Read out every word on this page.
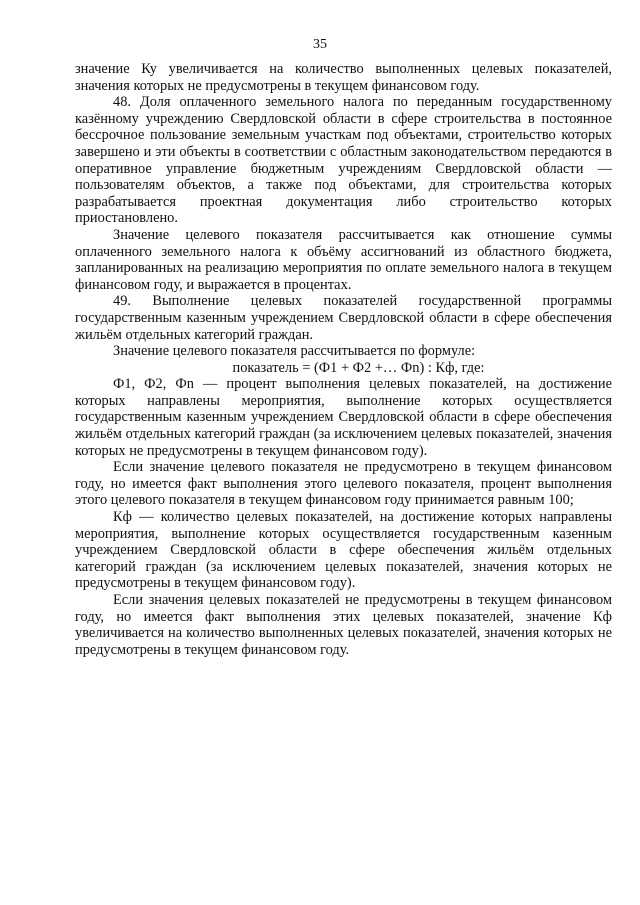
35

значение Ку увеличивается на количество выполненных целевых показателей, значения которых не предусмотрены в текущем финансовом году.

48. Доля оплаченного земельного налога по переданным государственному казённому учреждению Свердловской области в сфере строительства в постоянное бессрочное пользование земельным участкам под объектами, строительство которых завершено и эти объекты в соответствии с областным законодательством передаются в оперативное управление бюджетным учреждениям Свердловской области — пользователям объектов, а также под объектами, для строительства которых разрабатывается проектная документация либо строительство которых приостановлено.

Значение целевого показателя рассчитывается как отношение суммы оплаченного земельного налога к объёму ассигнований из областного бюджета, запланированных на реализацию мероприятия по оплате земельного налога в текущем финансовом году, и выражается в процентах.

49. Выполнение целевых показателей государственной программы государственным казенным учреждением Свердловской области в сфере обеспечения жильём отдельных категорий граждан.

Значение целевого показателя рассчитывается по формуле:

показатель = (Ф1 + Ф2 +… Фn) : Кф, где:

Ф1, Ф2, Фn — процент выполнения целевых показателей, на достижение которых направлены мероприятия, выполнение которых осуществляется государственным казенным учреждением Свердловской области в сфере обеспечения жильём отдельных категорий граждан (за исключением целевых показателей, значения которых не предусмотрены в текущем финансовом году).

Если значение целевого показателя не предусмотрено в текущем финансовом году, но имеется факт выполнения этого целевого показателя, процент выполнения этого целевого показателя в текущем финансовом году принимается равным 100;

Кф — количество целевых показателей, на достижение которых направлены мероприятия, выполнение которых осуществляется государственным казенным учреждением Свердловской области в сфере обеспечения жильём отдельных категорий граждан (за исключением целевых показателей, значения которых не предусмотрены в текущем финансовом году).

Если значения целевых показателей не предусмотрены в текущем финансовом году, но имеется факт выполнения этих целевых показателей, значение Кф увеличивается на количество выполненных целевых показателей, значения которых не предусмотрены в текущем финансовом году.
